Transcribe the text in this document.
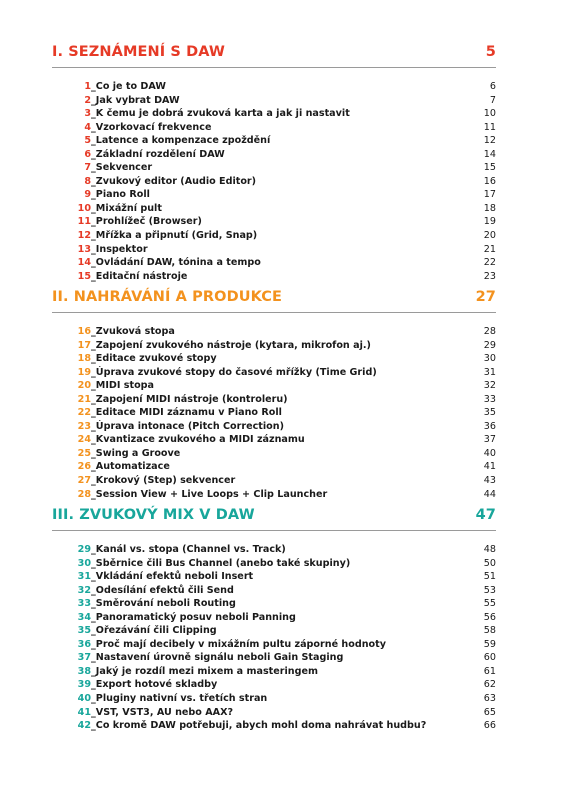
I. SEZNÁMENÍ S DAW	5
1 _Co je to DAW	6
2 _Jak vybrat DAW	7
3 _K čemu je dobrá zvuková karta a jak ji nastavit	10
4 _Vzorkovací frekvence	11
5 _Latence a kompenzace zpoždění	12
6 _Základní rozdělení DAW	14
7 _Sekvencer	15
8 _Zvukový editor (Audio Editor)	16
9 _Piano Roll	17
10 _Mixážní pult	18
11 _Prohlížeč (Browser)	19
12 _Mřížka a připnutí (Grid, Snap)	20
13 _Inspektor	21
14 _Ovládání DAW, tónina a tempo	22
15 _Editační nástroje	23
II. NAHRÁVÁNÍ A PRODUKCE	27
16 _Zvuková stopa	28
17 _Zapojení zvukového nástroje (kytara, mikrofon aj.)	29
18 _Editace zvukové stopy	30
19 _Úprava zvukové stopy do časové mřížky (Time Grid)	31
20 _MIDI stopa	32
21 _Zapojení MIDI nástroje (kontroleru)	33
22 _Editace MIDI záznamu v Piano Roll	35
23 _Úprava intonace (Pitch Correction)	36
24 _Kvantizace zvukového a MIDI záznamu	37
25 _Swing a Groove	40
26 _Automatizace	41
27 _Krokový (Step) sekvencer	43
28 _Session View + Live Loops + Clip Launcher	44
III. ZVUKOVÝ MIX V DAW	47
29 _Kanál vs. stopa (Channel vs. Track)	48
30 _Sběrnice čili Bus Channel (anebo také skupiny)	50
31 _Vkládání efektů neboli Insert	51
32 _Odesílání efektů čili Send	53
33 _Směrování neboli Routing	55
34 _Panoramatický posuv neboli Panning	56
35 _Ořezávání čili Clipping	58
36 _Proč mají decibely v mixážním pultu záporné hodnoty	59
37 _Nastavení úrovně signálu neboli Gain Staging	60
38 _Jaký je rozdíl mezi mixem a masteringem	61
39 _Export hotové skladby	62
40 _Pluginy nativní vs. třetích stran	63
41 _VST, VST3, AU nebo AAX?	65
42 _Co kromě DAW potřebuji, abych mohl doma nahrávat hudbu?	66
